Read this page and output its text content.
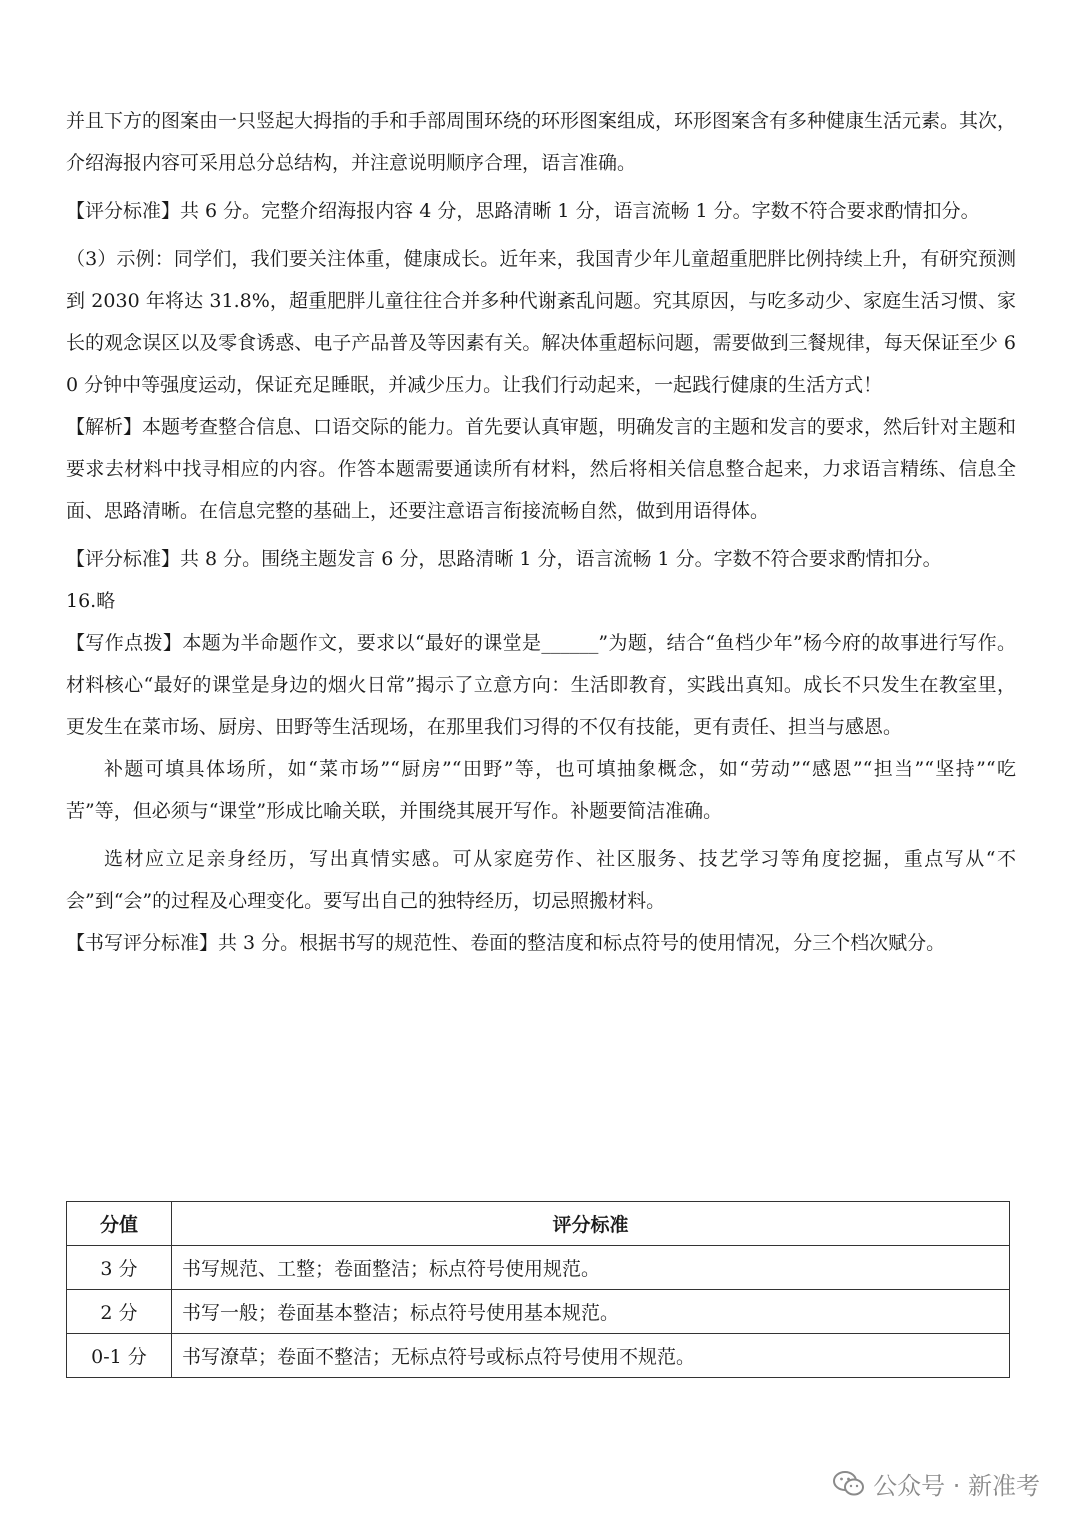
并且下方的图案由一只竖起大拇指的手和手部周围环绕的环形图案组成，环形图案含有多种健康生活元素。其次，介绍海报内容可采用总分总结构，并注意说明顺序合理，语言准确。

【评分标准】共 6 分。完整介绍海报内容 4 分，思路清晰 1 分，语言流畅 1 分。字数不符合要求酌情扣分。

（3）示例：同学们，我们要关注体重，健康成长。近年来，我国青少年儿童超重肥胖比例持续上升，有研究预测到 2030 年将达 31.8%，超重肥胖儿童往往合并多种代谢紊乱问题。究其原因，与吃多动少、家庭生活习惯、家长的观念误区以及零食诱惑、电子产品普及等因素有关。解决体重超标问题，需要做到三餐规律，每天保证至少 60 分钟中等强度运动，保证充足睡眠，并减少压力。让我们行动起来，一起践行健康的生活方式！

【解析】本题考查整合信息、口语交际的能力。首先要认真审题，明确发言的主题和发言的要求，然后针对主题和要求去材料中找寻相应的内容。作答本题需要通读所有材料，然后将相关信息整合起来，力求语言精练、信息全面、思路清晰。在信息完整的基础上，还要注意语言衔接流畅自然，做到用语得体。

【评分标准】共 8 分。围绕主题发言 6 分，思路清晰 1 分，语言流畅 1 分。字数不符合要求酌情扣分。

16.略

【写作点拨】本题为半命题作文，要求以“最好的课堂是______”为题，结合“鱼档少年”杨今府的故事进行写作。材料核心“最好的课堂是身边的烟火日常”揭示了立意方向：生活即教育，实践出真知。成长不只发生在教室里，更发生在菜市场、厨房、田野等生活现场，在那里我们习得的不仅有技能，更有责任、担当与感恩。

补题可填具体场所，如“菜市场”“厨房”“田野”等，也可填抽象概念，如“劳动”“感恩”“担当”“坚持”“吃苦”等，但必须与“课堂”形成比喻关联，并围绕其展开写作。补题要简洁准确。

选材应立足亲身经历，写出真情实感。可从家庭劳作、社区服务、技艺学习等角度挖掘，重点写从“不会”到“会”的过程及心理变化。要写出自己的独特经历，切忌照搬材料。

【书写评分标准】共 3 分。根据书写的规范性、卷面的整洁度和标点符号的使用情况，分三个档次赋分。

分值	评分标准
3 分	书写规范、工整；卷面整洁；标点符号使用规范。
2 分	书写一般；卷面基本整洁；标点符号使用基本规范。
0-1 分	书写潦草；卷面不整洁；无标点符号或标点符号使用不规范。
公众号 · 新准考
